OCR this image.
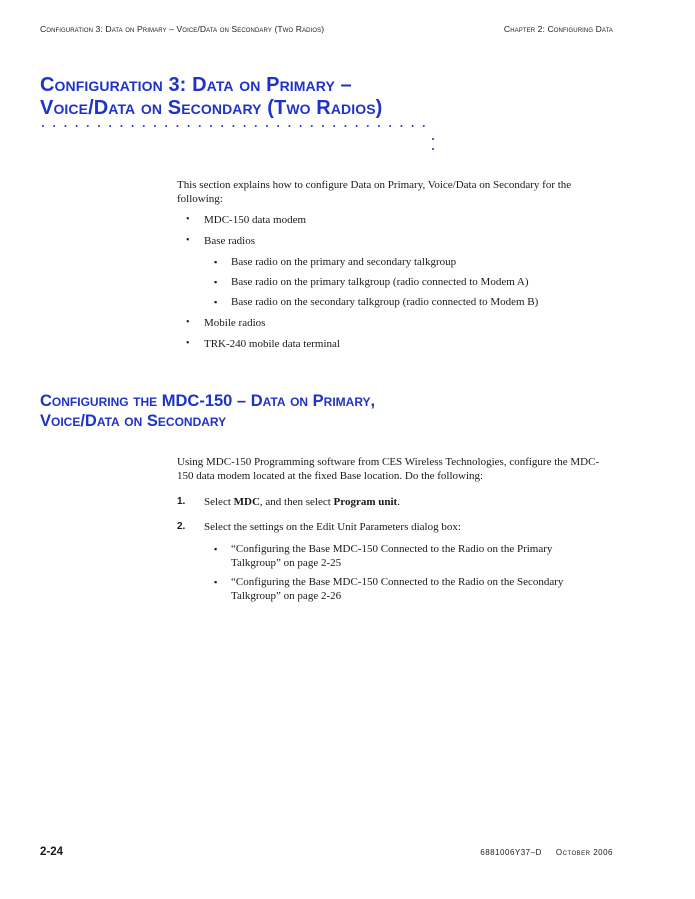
Configuration 3: Data on Primary – Voice/Data on Secondary (Two Radios)	Chapter 2: Configuring Data
Configuration 3: Data on Primary –
Voice/Data on Secondary (Two Radios)
This section explains how to configure Data on Primary, Voice/Data on Secondary for the
following:
• MDC-150 data modem
• Base radios
▪ Base radio on the primary and secondary talkgroup
▪ Base radio on the primary talkgroup (radio connected to Modem A)
▪ Base radio on the secondary talkgroup (radio connected to Modem B)
• Mobile radios
• TRK-240 mobile data terminal
Configuring the MDC-150 – Data on Primary,
Voice/Data on Secondary
Using MDC-150 Programming software from CES Wireless Technologies, configure the MDC-
150 data modem located at the fixed Base location. Do the following:
1. Select MDC, and then select Program unit.
2. Select the settings on the Edit Unit Parameters dialog box:
▪ “Configuring the Base MDC-150 Connected to the Radio on the Primary
Talkgroup” on page 2-25
▪ “Configuring the Base MDC-150 Connected to the Radio on the Secondary
Talkgroup” on page 2-26
2-24	6881006Y37–D October 2006
